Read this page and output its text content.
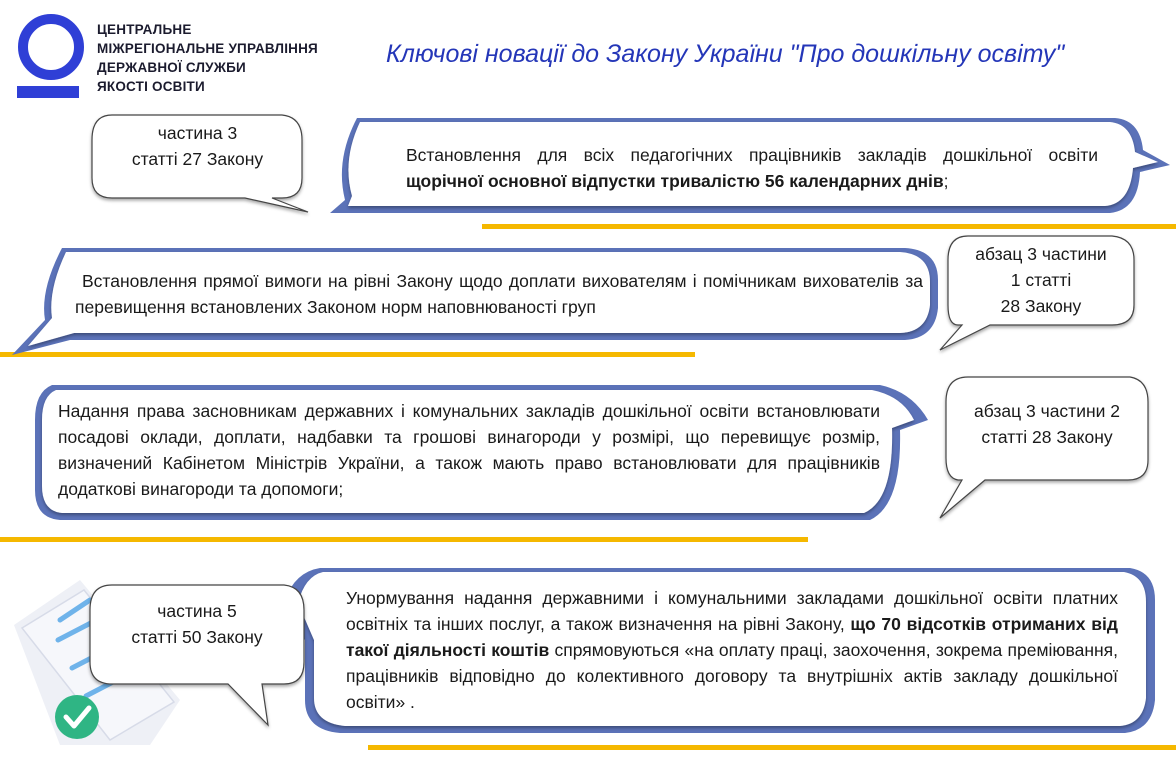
ЦЕНТРАЛЬНЕ
МІЖРЕГІОНАЛЬНЕ УПРАВЛІННЯ
ДЕРЖАВНОЇ СЛУЖБИ
ЯКОСТІ ОСВІТИ
Ключові новації до Закону України "Про дошкільну освіту"
частина 3
статті 27 Закону	Встановлення для всіх педагогічних працівників закладів дошкільної освіти щорічної основної відпустки тривалістю 56 календарних днів;
Встановлення прямої вимоги на рівні Закону щодо доплати вихователям і помічникам вихователів за перевищення встановлених Законом норм наповнюваності груп
абзац 3 частини
1 статті
28 Закону
Надання права засновникам державних і комунальних закладів дошкільної освіти встановлювати посадові оклади, доплати, надбавки та грошові винагороди у розмірі, що перевищує розмір, визначений Кабінетом Міністрів України, а також мають право встановлювати для працівників додаткові винагороди та допомоги;
абзац 3 частини 2
статті 28 Закону
частина 5
статті 50 Закону
Унормування надання державними і комунальними закладами дошкільної освіти платних освітніх та інших послуг, а також визначення на рівні Закону, що 70 відсотків отриманих від такої діяльності коштів спрямовуються «на оплату праці, заохочення, зокрема преміювання, працівників відповідно до колективного договору та внутрішніх актів закладу дошкільної освіти» .
